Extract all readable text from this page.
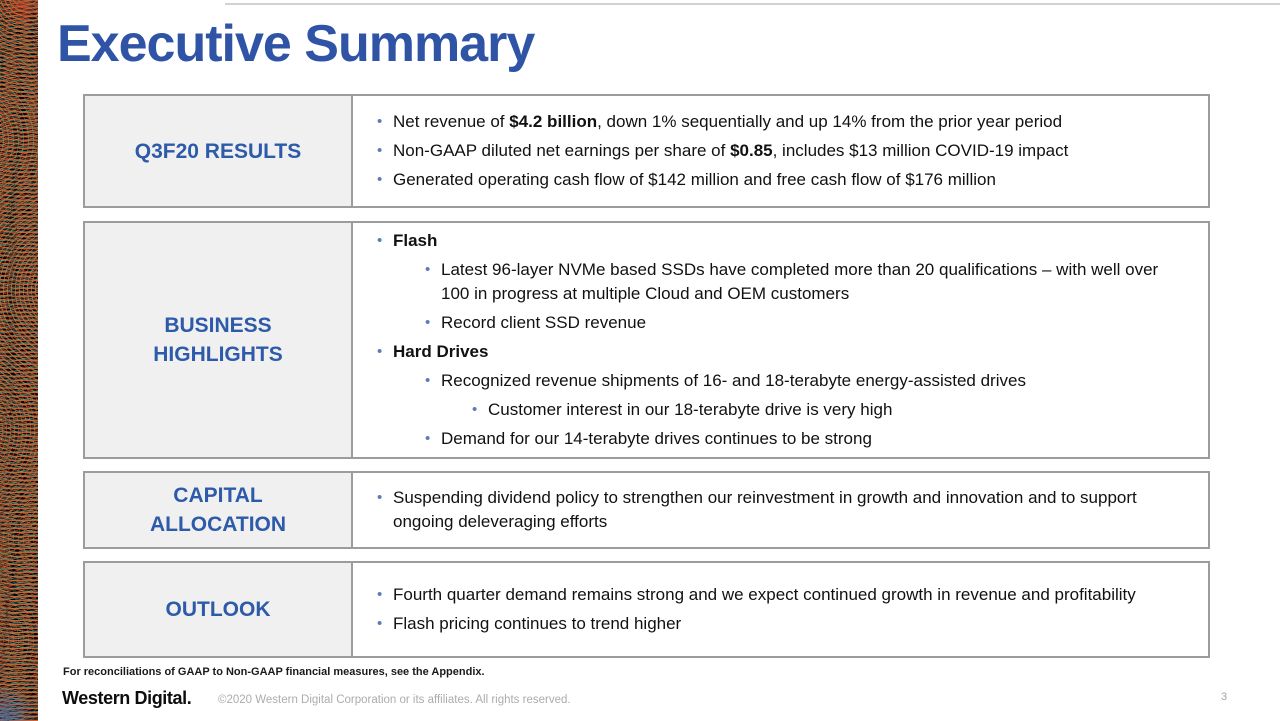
Executive Summary
Q3F20 RESULTS
• Net revenue of $4.2 billion, down 1% sequentially and up 14% from the prior year period
• Non-GAAP diluted net earnings per share of $0.85, includes $13 million COVID-19 impact
• Generated operating cash flow of $142 million and free cash flow of $176 million
BUSINESS HIGHLIGHTS
• Flash
• Latest 96-layer NVMe based SSDs have completed more than 20 qualifications – with well over 100 in progress at multiple Cloud and OEM customers
• Record client SSD revenue
• Hard Drives
• Recognized revenue shipments of 16- and 18-terabyte energy-assisted drives
• Customer interest in our 18-terabyte drive is very high
• Demand for our 14-terabyte drives continues to be strong
CAPITAL ALLOCATION
• Suspending dividend policy to strengthen our reinvestment in growth and innovation and to support ongoing deleveraging efforts
OUTLOOK
• Fourth quarter demand remains strong and we expect continued growth in revenue and profitability
• Flash pricing continues to trend higher
For reconciliations of GAAP to Non-GAAP financial measures, see the Appendix.
Western Digital. ©2020 Western Digital Corporation or its affiliates. All rights reserved.	3
